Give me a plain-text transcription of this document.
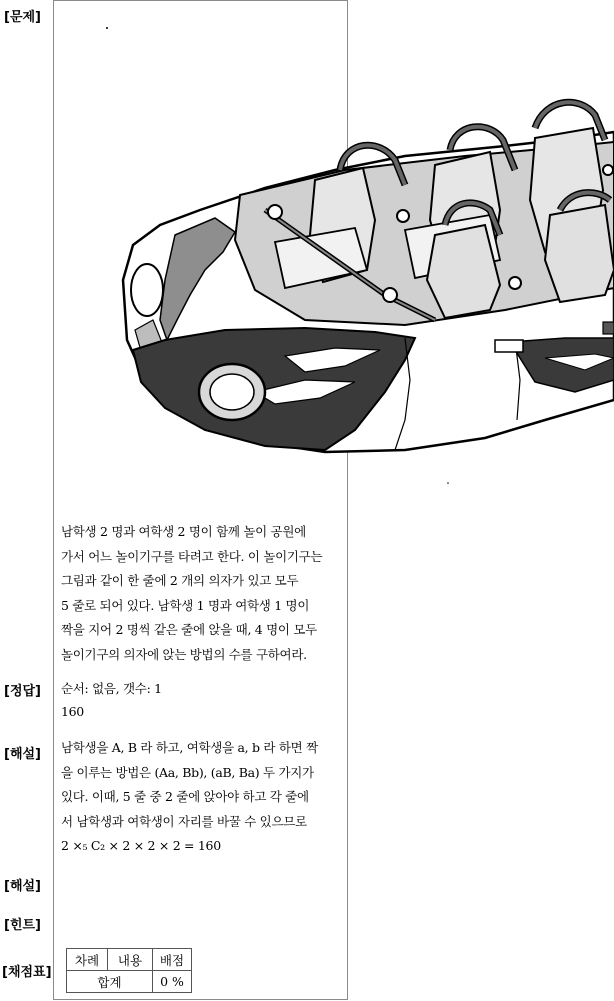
[문제]
[정답]
[해설]
[해설]
[힌트]
[채점표]
남학생 2 명과 여학생 2 명이 함께 놀이 공원에
가서 어느 놀이기구를 타려고 한다. 이 놀이기구는
그림과 같이 한 줄에 2 개의 의자가 있고 모두
5 줄로 되어 있다. 남학생 1 명과 여학생 1 명이
짝을 지어 2 명씩 같은 줄에 앉을 때, 4 명이 모두
놀이기구의 의자에 앉는 방법의 수를 구하여라.
순서: 없음, 갯수: 1
160
남학생을 A, B 라 하고, 여학생을 a, b 라 하면 짝
을 이루는 방법은 (Aa, Bb), (aB, Ba) 두 가지가
있다. 이때, 5 줄 중 2 줄에 앉아야 하고 각 줄에
서 남학생과 여학생이 자리를 바꿀 수 있으므로
2 ×₅ C₂ × 2 × 2 × 2 = 160
차례	내용	배점
합계		0 %
